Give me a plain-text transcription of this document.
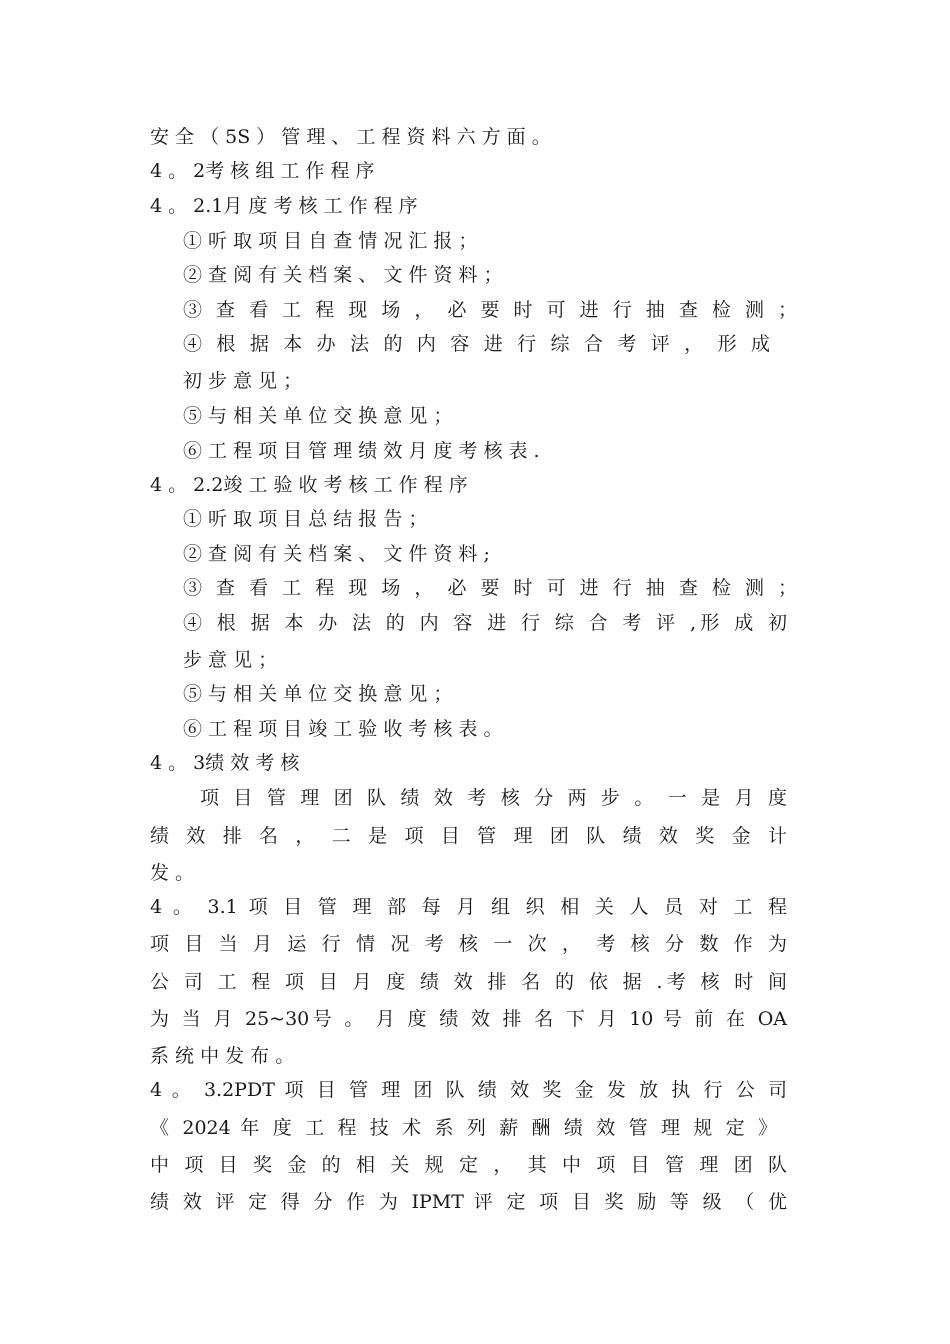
安 全 （ 5S ） 管 理 、 工 程 资 料 六 方 面 。
4 。 2考 核 组 工 作 程 序
4 。 2.1月 度 考 核 工 作 程 序
① 听 取 项 目 自 查 情 况 汇 报 ；
② 查 阅 有 关 档 案 、 文 件 资 料 ；
③ 查 看 工 程 现 场 ， 必 要 时 可 进 行 抽 查 检 测 ；
④ 根 据 本 办 法 的 内 容 进 行 综 合 考 评 ， 形 成
初 步 意 见 ；
⑤ 与 相 关 单 位 交 换 意 见 ；
⑥ 工 程 项 目 管 理 绩 效 月 度 考 核 表 .
4 。 2.2竣 工 验 收 考 核 工 作 程 序
① 听 取 项 目 总 结 报 告 ；
② 查 阅 有 关 档 案 、 文 件 资 料 ;
③ 查 看 工 程 现 场 ， 必 要 时 可 进 行 抽 查 检 测 ；
④ 根 据 本 办 法 的 内 容 进 行 综 合 考 评 ,形 成 初
步 意 见 ；
⑤ 与 相 关 单 位 交 换 意 见 ；
⑥ 工 程 项 目 竣 工 验 收 考 核 表 。
4 。 3绩 效 考 核
项 目 管 理 团 队 绩 效 考 核 分 两 步 。 一 是 月 度
绩 效 排 名 ， 二 是 项 目 管 理 团 队 绩 效 奖 金 计
发 。
4 。 3.1 项 目 管 理 部 每 月 组 织 相 关 人 员 对 工 程
项 目 当 月 运 行 情 况 考 核 一 次 ， 考 核 分 数 作 为
公 司 工 程 项 目 月 度 绩 效 排 名 的 依 据 .考 核 时 间
为 当 月 25~30号 。 月 度 绩 效 排 名 下 月 10 号 前 在 OA
系 统 中 发 布 。
4 。 3.2PDT 项 目 管 理 团 队 绩 效 奖 金 发 放 执 行 公 司
《 2024 年 度 工 程 技 术 系 列 薪 酬 绩 效 管 理 规 定 》
中 项 目 奖 金 的 相 关 规 定 ， 其 中 项 目 管 理 团 队
绩 效 评 定 得 分 作 为 IPMT 评 定 项 目 奖 励 等 级 （ 优
